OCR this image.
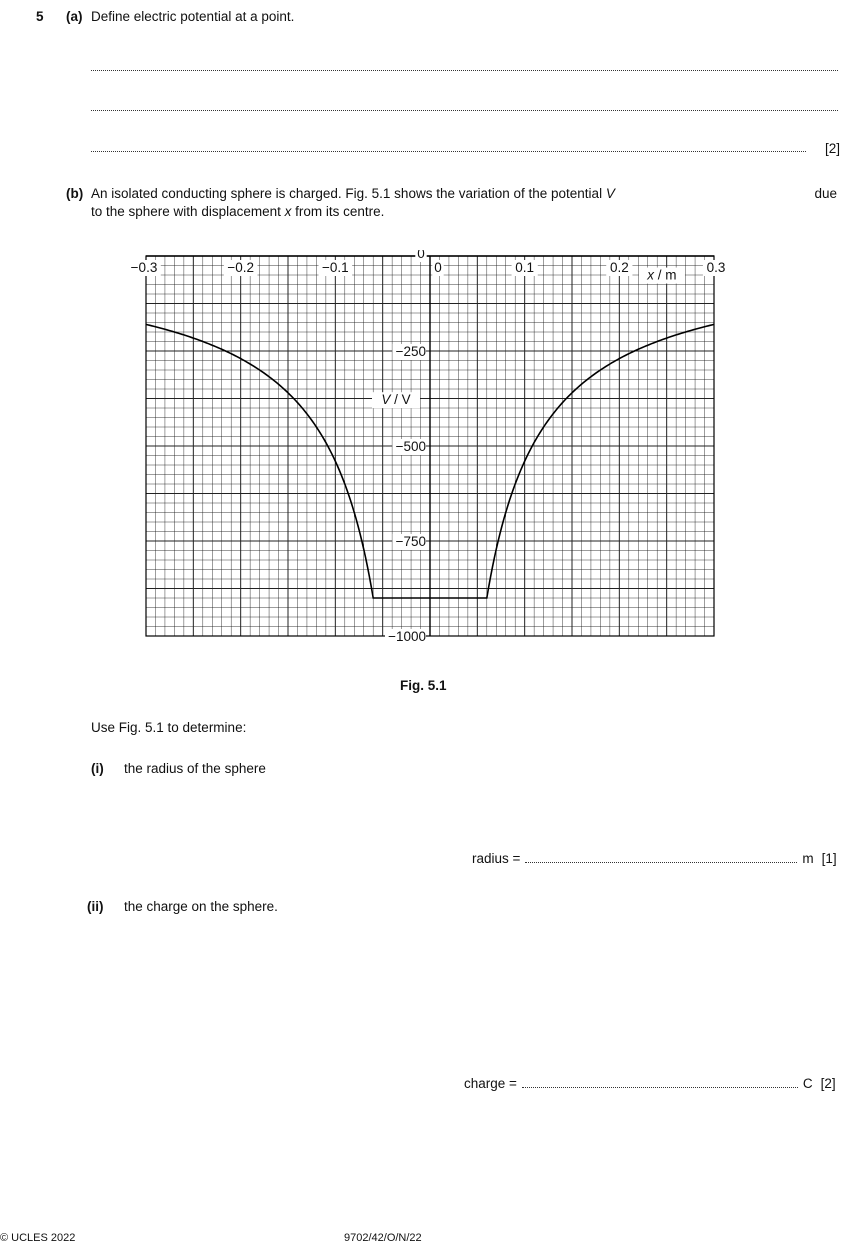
5 (a) Define electric potential at a point.
[2]
(b) An isolated conducting sphere is charged. Fig. 5.1 shows the variation of the potential V	due
to the sphere with displacement x from its centre.
−0.3	−0.2	−0.1	0.1	0.2	0.3
0
0
−250
−500
−750
−1000
x / m
V / V
Fig. 5.1
Use Fig. 5.1 to determine:
(i) the radius of the sphere
radius =	m [1]
(ii) the charge on the sphere.
charge =	C [2]
© UCLES 2022	9702/42/O/N/22
